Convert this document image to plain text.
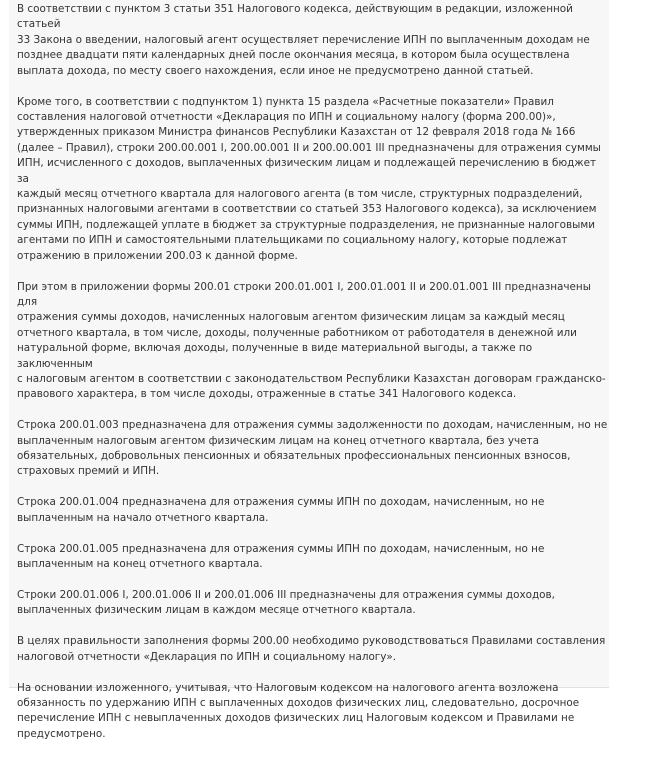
В соответствии с пунктом 3 статьи 351 Налогового кодекса, действующим в редакции, изложенной статьей
33 Закона о введении, налоговый агент осуществляет перечисление ИПН по выплаченным доходам не
позднее двадцати пяти календарных дней после окончания месяца, в котором была осуществлена
выплата дохода, по месту своего нахождения, если иное не предусмотрено данной статьей.

Кроме того, в соответствии с подпунктом 1) пункта 15 раздела «Расчетные показатели» Правил
составления налоговой отчетности «Декларация по ИПН и социальному налогу (форма 200.00)»,
утвержденных приказом Министра финансов Республики Казахстан от 12 февраля 2018 года № 166
(далее – Правил), строки 200.00.001 I, 200.00.001 II и 200.00.001 III предназначены для отражения суммы
ИПН, исчисленного с доходов, выплаченных физическим лицам и подлежащей перечислению в бюджет за
каждый месяц отчетного квартала для налогового агента (в том числе, структурных подразделений,
признанных налоговыми агентами в соответствии со статьей 353 Налогового кодекса), за исключением
суммы ИПН, подлежащей уплате в бюджет за структурные подразделения, не признанные налоговыми
агентами по ИПН и самостоятельными плательщиками по социальному налогу, которые подлежат
отражению в приложении 200.03 к данной форме.

При этом в приложении формы 200.01 строки 200.01.001 I, 200.01.001 II и 200.01.001 III предназначены для
отражения суммы доходов, начисленных налоговым агентом физическим лицам за каждый месяц
отчетного квартала, в том числе, доходы, полученные работником от работодателя в денежной или
натуральной форме, включая доходы, полученные в виде материальной выгоды, а также по заключенным
с налоговым агентом в соответствии с законодательством Республики Казахстан договорам гражданско-
правового характера, в том числе доходы, отраженные в статье 341 Налогового кодекса.

Строка 200.01.003 предназначена для отражения суммы задолженности по доходам, начисленным, но не
выплаченным налоговым агентом физическим лицам на конец отчетного квартала, без учета
обязательных, добровольных пенсионных и обязательных профессиональных пенсионных взносов,
страховых премий и ИПН.

Строка 200.01.004 предназначена для отражения суммы ИПН по доходам, начисленным, но не
выплаченным на начало отчетного квартала.

Строка 200.01.005 предназначена для отражения суммы ИПН по доходам, начисленным, но не
выплаченным на конец отчетного квартала.

Строки 200.01.006 I, 200.01.006 II и 200.01.006 III предназначены для отражения суммы доходов,
выплаченных физическим лицам в каждом месяце отчетного квартала.

В целях правильности заполнения формы 200.00 необходимо руководствоваться Правилами составления
налоговой отчетности «Декларация по ИПН и социальному налогу».

На основании изложенного, учитывая, что Налоговым кодексом на налогового агента возложена
обязанность по удержанию ИПН с выплаченных доходов физических лиц, следовательно, досрочное
перечисление ИПН с невыплаченных доходов физических лиц Налоговым кодексом и Правилами не
предусмотрено.
